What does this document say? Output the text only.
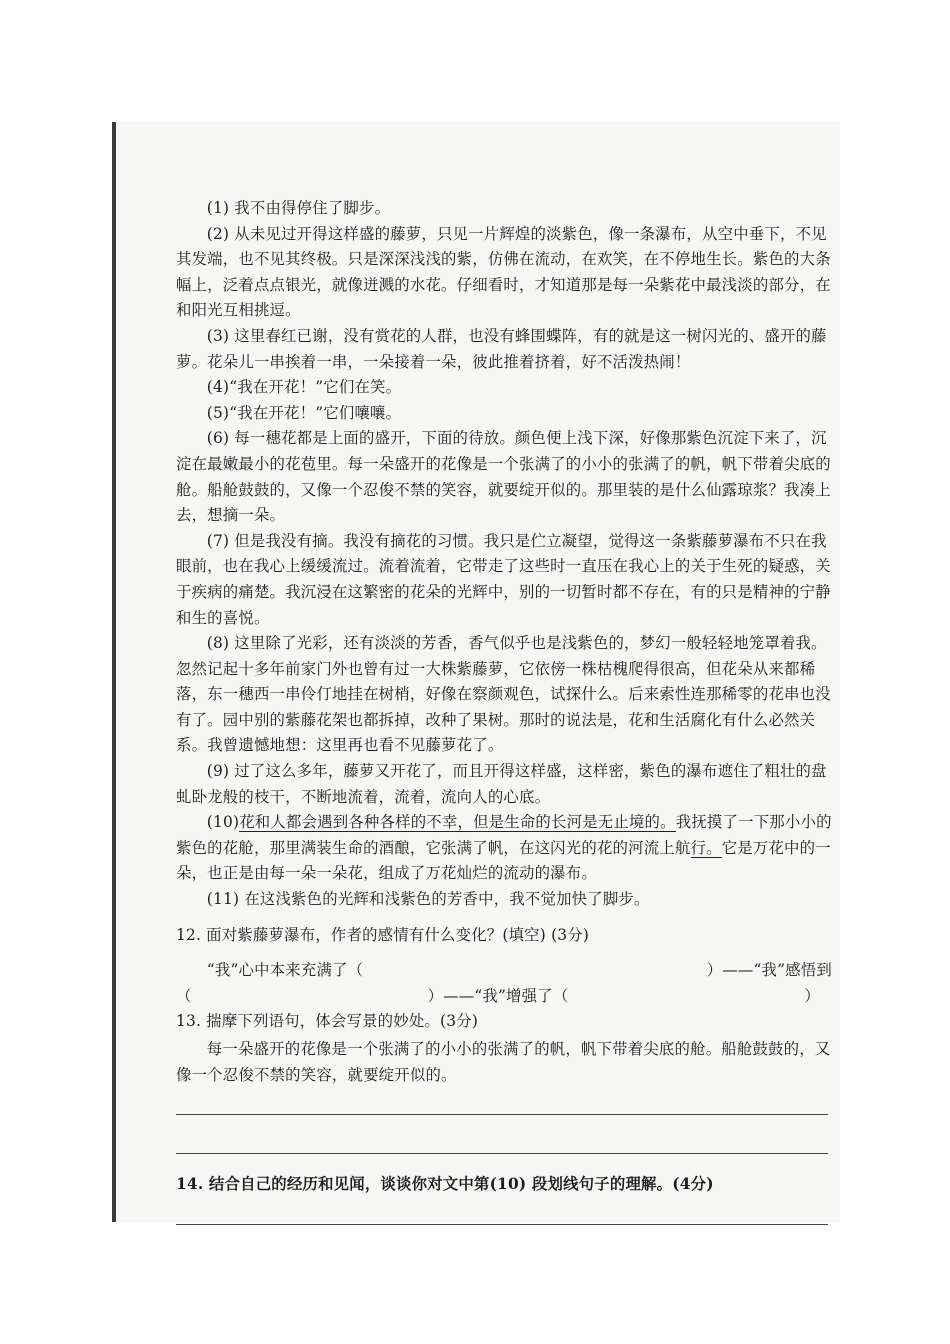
(1) 我不由得停住了脚步。

(2) 从未见过开得这样盛的藤萝，只见一片辉煌的淡紫色，像一条瀑布，从空中垂下，不见其发端，也不见其终极。只是深深浅浅的紫，仿佛在流动，在欢笑，在不停地生长。紫色的大条幅上，泛着点点银光，就像迸溅的水花。仔细看时，才知道那是每一朵紫花中最浅淡的部分，在和阳光互相挑逗。

(3) 这里春红已谢，没有赏花的人群，也没有蜂围蝶阵，有的就是这一树闪光的、盛开的藤萝。花朵儿一串挨着一串，一朵接着一朵，彼此推着挤着，好不活泼热闹！

(4)“我在开花！”它们在笑。

(5)“我在开花！”它们嚷嚷。

(6) 每一穗花都是上面的盛开，下面的待放。颜色便上浅下深，好像那紫色沉淀下来了，沉淀在最嫩最小的花苞里。每一朵盛开的花像是一个张满了的小小的张满了的帆，帆下带着尖底的舱。船舱鼓鼓的，又像一个忍俊不禁的笑容，就要绽开似的。那里装的是什么仙露琼浆？我凑上去，想摘一朵。

(7) 但是我没有摘。我没有摘花的习惯。我只是伫立凝望，觉得这一条紫藤萝瀑布不只在我眼前，也在我心上缓缓流过。流着流着，它带走了这些时一直压在我心上的关于生死的疑惑，关于疾病的痛楚。我沉浸在这繁密的花朵的光辉中，别的一切暂时都不存在，有的只是精神的宁静和生的喜悦。

(8) 这里除了光彩，还有淡淡的芳香，香气似乎也是浅紫色的，梦幻一般轻轻地笼罩着我。忽然记起十多年前家门外也曾有过一大株紫藤萝，它依傍一株枯槐爬得很高，但花朵从来都稀落，东一穗西一串伶仃地挂在树梢，好像在察颜观色，试探什么。后来索性连那稀零的花串也没有了。园中别的紫藤花架也都拆掉，改种了果树。那时的说法是，花和生活腐化有什么必然关系。我曾遗憾地想：这里再也看不见藤萝花了。

(9) 过了这么多年，藤萝又开花了，而且开得这样盛，这样密，紫色的瀑布遮住了粗壮的盘虬卧龙般的枝干，不断地流着，流着，流向人的心底。

(10)花和人都会遇到各种各样的不幸，但是生命的长河是无止境的。我抚摸了一下那小小的紫色的花舱，那里满装生命的酒酿，它张满了帆，在这闪光的花的河流上航行。它是万花中的一朵，也正是由每一朵一朵花，组成了万花灿烂的流动的瀑布。

(11) 在这浅紫色的光辉和浅紫色的芳香中，我不觉加快了脚步。

12. 面对紫藤萝瀑布，作者的感情有什么变化？(填空) (3分)

“我”心中本来充满了（	）——“我”感悟到
（	）——“我”增强了（	）

13. 揣摩下列语句，体会写景的妙处。(3分)

每一朵盛开的花像是一个张满了的小小的张满了的帆，帆下带着尖底的舱。船舱鼓鼓的，又像一个忍俊不禁的笑容，就要绽开似的。

14. 结合自己的经历和见闻，谈谈你对文中第(10) 段划线句子的理解。(4分)
